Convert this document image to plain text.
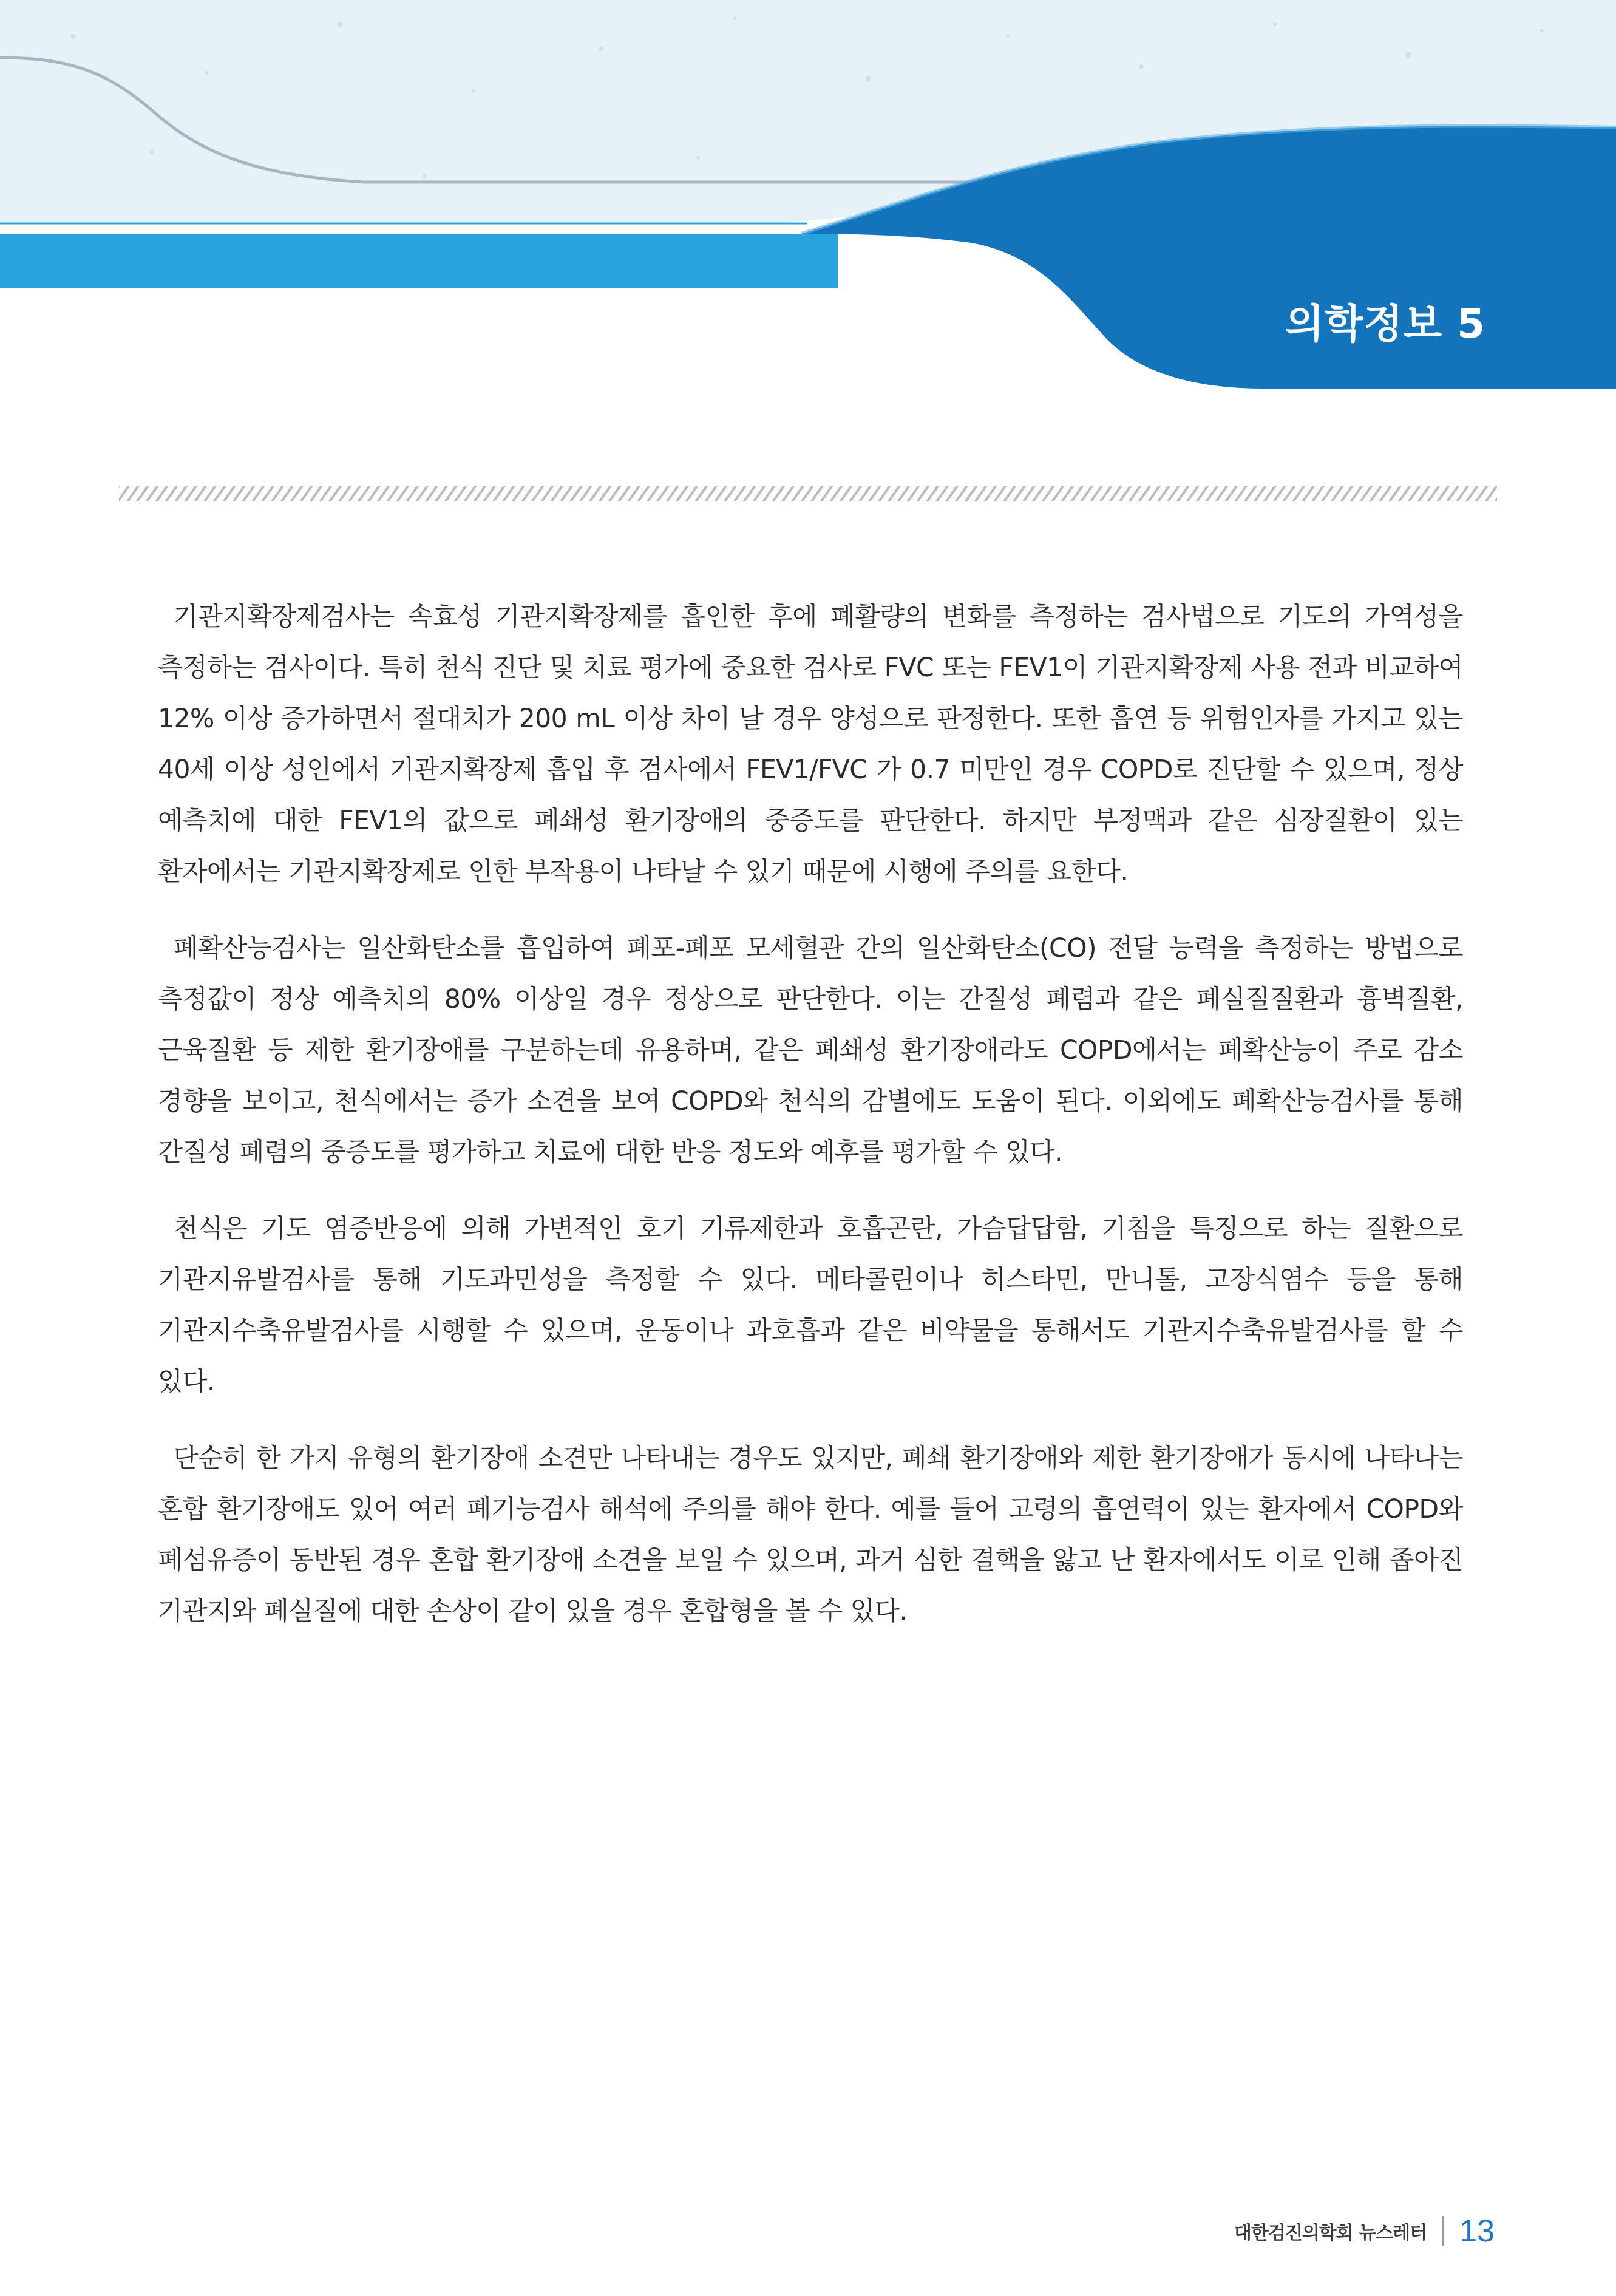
의학정보 5

기관지확장제검사는 속효성 기관지확장제를 흡인한 후에 폐활량의 변화를 측정하는 검사법으로 기도의 가역성을 측정하는 검사이다. 특히 천식 진단 및 치료 평가에 중요한 검사로 FVC 또는 FEV1이 기관지확장제 사용 전과 비교하여 12% 이상 증가하면서 절대치가 200 mL 이상 차이 날 경우 양성으로 판정한다. 또한 흡연 등 위험인자를 가지고 있는 40세 이상 성인에서 기관지확장제 흡입 후 검사에서 FEV1/FVC 가 0.7 미만인 경우 COPD로 진단할 수 있으며, 정상 예측치에 대한 FEV1의 값으로 폐쇄성 환기장애의 중증도를 판단한다. 하지만 부정맥과 같은 심장질환이 있는 환자에서는 기관지확장제로 인한 부작용이 나타날 수 있기 때문에 시행에 주의를 요한다.

폐확산능검사는 일산화탄소를 흡입하여 폐포-폐포 모세혈관 간의 일산화탄소(CO) 전달 능력을 측정하는 방법으로 측정값이 정상 예측치의 80% 이상일 경우 정상으로 판단한다. 이는 간질성 폐렴과 같은 폐실질질환과 흉벽질환, 근육질환 등 제한 환기장애를 구분하는데 유용하며, 같은 폐쇄성 환기장애라도 COPD에서는 폐확산능이 주로 감소 경향을 보이고, 천식에서는 증가 소견을 보여 COPD와 천식의 감별에도 도움이 된다. 이외에도 폐확산능검사를 통해 간질성 폐렴의 중증도를 평가하고 치료에 대한 반응 정도와 예후를 평가할 수 있다.

천식은 기도 염증반응에 의해 가변적인 호기 기류제한과 호흡곤란, 가슴답답함, 기침을 특징으로 하는 질환으로 기관지유발검사를 통해 기도과민성을 측정할 수 있다. 메타콜린이나 히스타민, 만니톨, 고장식염수 등을 통해 기관지수축유발검사를 시행할 수 있으며, 운동이나 과호흡과 같은 비약물을 통해서도 기관지수축유발검사를 할 수 있다.

단순히 한 가지 유형의 환기장애 소견만 나타내는 경우도 있지만, 폐쇄 환기장애와 제한 환기장애가 동시에 나타나는 혼합 환기장애도 있어 여러 폐기능검사 해석에 주의를 해야 한다. 예를 들어 고령의 흡연력이 있는 환자에서 COPD와 폐섬유증이 동반된 경우 혼합 환기장애 소견을 보일 수 있으며, 과거 심한 결핵을 앓고 난 환자에서도 이로 인해 좁아진 기관지와 폐실질에 대한 손상이 같이 있을 경우 혼합형을 볼 수 있다.

대한검진의학회 뉴스레터 13
